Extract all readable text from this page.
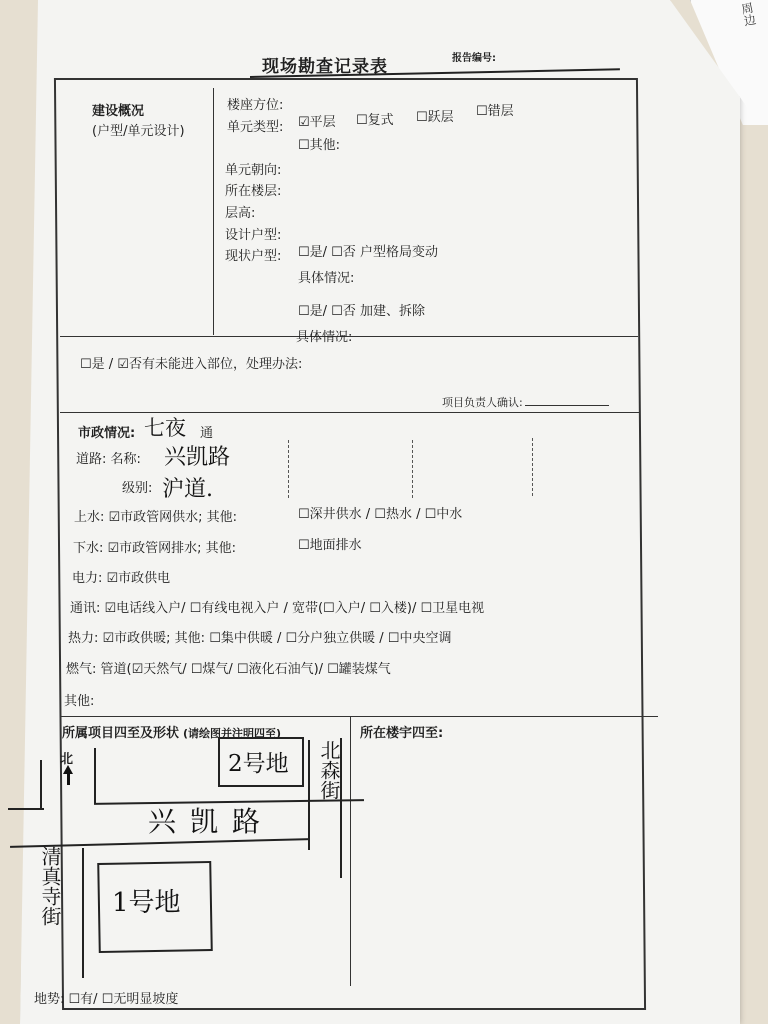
周边
现场勘查记录表	报告编号:
建设概况
(户型/单元设计)
楼座方位:
单元类型: ☑平层 ☐复式 ☐跃层 ☐错层
☐其他:
单元朝向:
所在楼层:
层高:
设计户型:
现状户型: ☐是/ ☐否 户型格局变动
具体情况:
☐是/ ☐否 加建、拆除
具体情况:
☐是 / ☑否有未能进入部位，处理办法:
项目负责人确认:
市政情况: 七夜 通
道路: 名称: 兴凯路
级别: 沪道.
上水: ☑市政管网供水; 其他:	☐深井供水 / ☐热水 / ☐中水
下水: ☑市政管网排水; 其他:	☐地面排水
电力: ☑市政供电
通讯: ☑电话线入户/ ☐有线电视入户 / 宽带(☐入户/ ☐入楼)/ ☐卫星电视
热力: ☑市政供暖; 其他: ☐集中供暖 / ☐分户独立供暖 / ☐中央空调
燃气: 管道(☑天然气/ ☐煤气/ ☐液化石油气)/ ☐罐装煤气
其他:
所属项目四至及形状 (请绘图并注明四至)	所在楼宇四至:
北	2号地 北森街
兴凯路
1号地
清真寺街
地势: ☐有/ ☐无明显坡度
